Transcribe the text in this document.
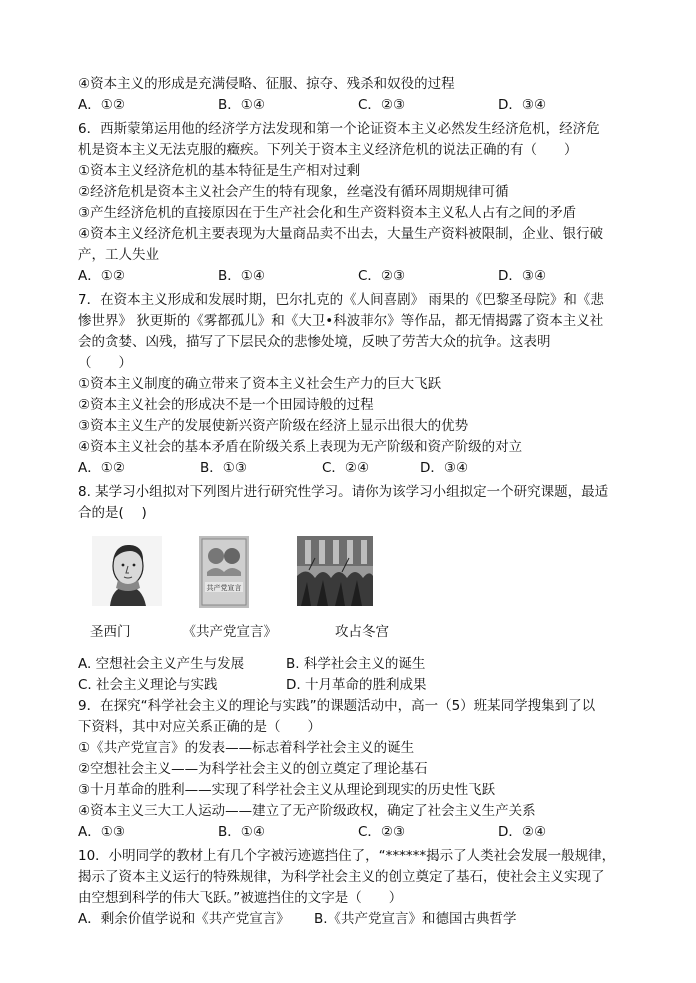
④资本主义的形成是充满侵略、征服、掠夺、残杀和奴役的过程
A．①②	B．①④	C．②③	D．③④
6．西斯蒙第运用他的经济学方法发现和第一个论证资本主义必然发生经济危机，经济危
机是资本主义无法克服的癥疾。下列关于资本主义经济危机的说法正确的有（　　）
①资本主义经济危机的基本特征是生产相对过剩
②经济危机是资本主义社会产生的特有现象，丝毫没有循环周期规律可循
③产生经济危机的直接原因在于生产社会化和生产资料资本主义私人占有之间的矛盾
④资本主义经济危机主要表现为大量商品卖不出去，大量生产资料被限制，企业、银行破
产，工人失业
A．①②	B．①④	C．②③	D．③④
7．在资本主义形成和发展时期，巴尔扎克的《人间喜剧》 雨果的《巴黎圣母院》和《悲
惨世界》 狄更斯的《雾都孤儿》和《大卫•科波菲尔》等作品，都无情揭露了资本主义社
会的贪婪、凶残，描写了下层民众的悲惨处境，反映了劳苦大众的抗争。这表明
（　　）
①资本主义制度的确立带来了资本主义社会生产力的巨大飞跃
②资本主义社会的形成决不是一个田园诗般的过程
③资本主义生产的发展使新兴资产阶级在经济上显示出很大的优势
④资本主义社会的基本矛盾在阶级关系上表现为无产阶级和资产阶级的对立
A．①②	B．①③	C．②④	D．③④
8. 某学习小组拟对下列图片进行研究性学习。请你为该学习小组拟定一个研究课题，最适
合的是(　 )
共产党宣言
圣西门	《共产党宣言》	攻占冬宫
A. 空想社会主义产生与发展	B. 科学社会主义的诞生
C. 社会主义理论与实践	D. 十月革命的胜利成果
9．在探究“科学社会主义的理论与实践”的课题活动中，高一（5）班某同学搜集到了以
下资料，其中对应关系正确的是（　　）
①《共产党宣言》的发表——标志着科学社会主义的诞生
②空想社会主义——为科学社会主义的创立奠定了理论基石
③十月革命的胜利——实现了科学社会主义从理论到现实的历史性飞跃
④资本主义三大工人运动——建立了无产阶级政权，确定了社会主义生产关系
A．①③	B．①④	C．②③	D．②④
10．小明同学的教材上有几个字被污迹遮挡住了，“******揭示了人类社会发展一般规律，
揭示了资本主义运行的特殊规律，为科学社会主义的创立奠定了基石，使社会主义实现了
由空想到科学的伟大飞跃。”被遮挡住的文字是（　　）
A．剩余价值学说和《共产党宣言》	B.《共产党宣言》和德国古典哲学
